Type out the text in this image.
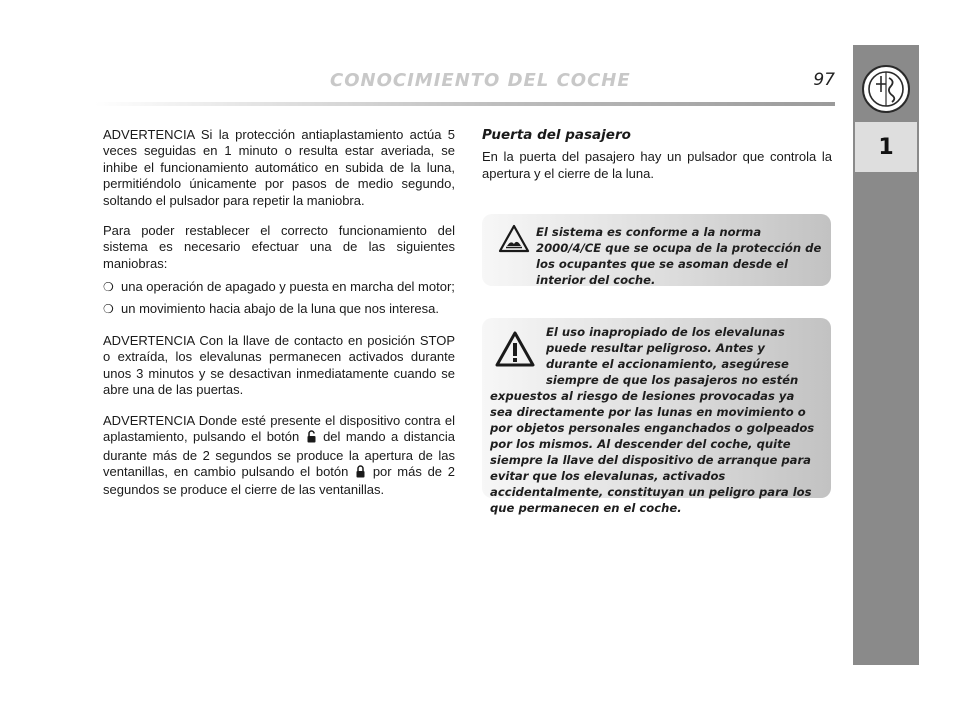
CONOCIMIENTO DEL COCHE	97
1

ADVERTENCIA Si la protección antiaplastamiento actúa 5 veces seguidas en 1 minuto o resulta estar averiada, se inhibe el funcionamiento automático en subida de la luna, permitiéndolo únicamente por pasos de medio segundo, soltando el pulsador para repetir la maniobra.

Para poder restablecer el correcto funcionamiento del sistema es necesario efectuar una de las siguientes maniobras:

❍ una operación de apagado y puesta en marcha del motor;
❍ un movimiento hacia abajo de la luna que nos interesa.

ADVERTENCIA Con la llave de contacto en posición STOP o extraída, los elevalunas permanecen activados durante unos 3 minutos y se desactivan inmediatamente cuando se abre una de las puertas.

ADVERTENCIA Donde esté presente el dispositivo contra el aplastamiento, pulsando el botón del mando a distancia durante más de 2 segundos se produce la apertura de las ventanillas, en cambio pulsando el botón por más de 2 segundos se produce el cierre de las ventanillas.

Puerta del pasajero

En la puerta del pasajero hay un pulsador que controla la apertura y el cierre de la luna.

El sistema es conforme a la norma 2000/4/CE que se ocupa de la protección de los ocupantes que se asoman desde el interior del coche.
El uso inapropiado de los elevalunas puede resultar peligroso. Antes y durante el accionamiento, asegúrese siempre de que los pasajeros no estén expuestos al riesgo de lesiones provocadas ya sea directamente por las lunas en movimiento o por objetos personales enganchados o golpeados por los mismos. Al descender del coche, quite siempre la llave del dispositivo de arranque para evitar que los elevalunas, activados accidentalmente, constituyan un peligro para los que permanecen en el coche.
